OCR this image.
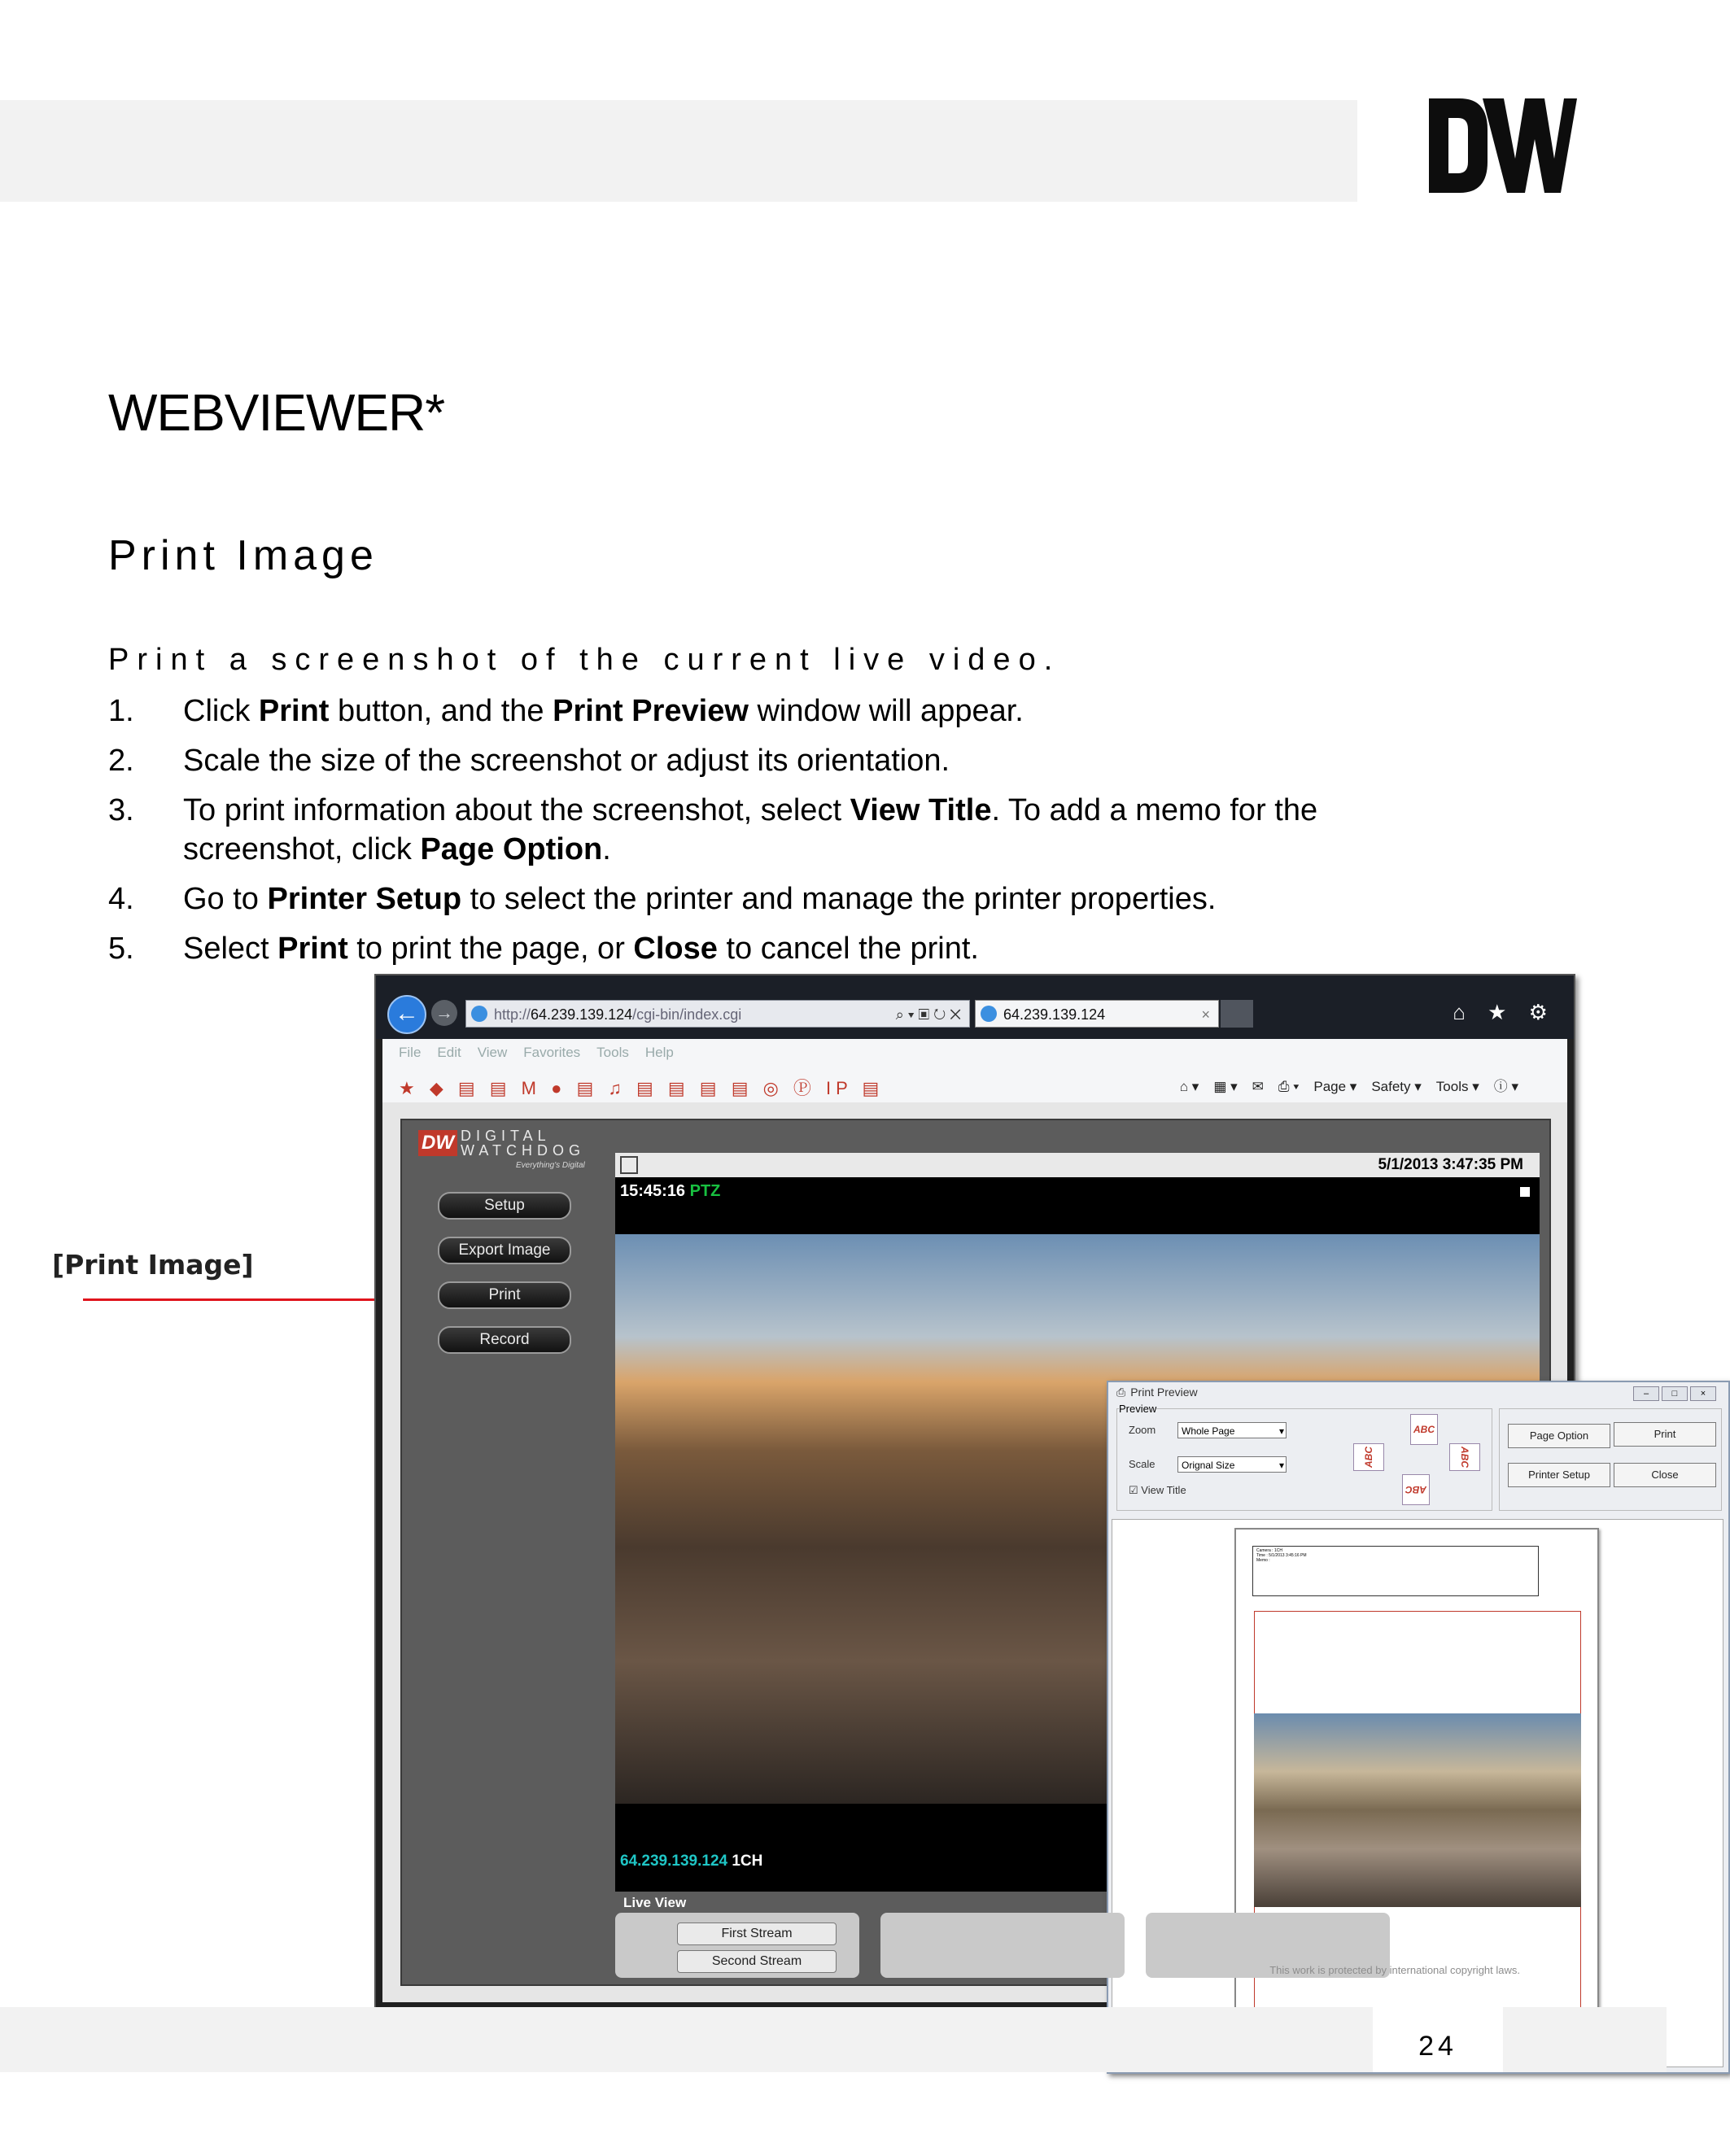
WEBVIEWER*
Print Image
Print a screenshot of the current live video.
1. Click Print button, and the Print Preview window will appear.
2. Scale the size of the screenshot or adjust its orientation.
3. To print information about the screenshot, select View Title. To add a memo for the screenshot, click Page Option.
4. Go to Printer Setup to select the printer and manage the printer properties.
5. Select Print to print the page, or Close to cancel the print.
[Print Image]
← →	http://64.239.139.124/cgi-bin/index.cgi	⌕ ▾ ▣ ↻ ✕	64.239.139.124	×	⌂ ★ ⚙
File Edit View Favorites Tools Help
★ ◆ ▤ ▤ M ● ▤ ♫ ▤ ▤ ▤ ▤ ◎ Ⓟ IP ▤	⌂ ▾ ▦ ▾ ✉ ⎙ ▾ Page ▾ Safety ▾ Tools ▾ ⓘ ▾
DW DIGITAL WATCHDOG
Everything's Digital
Setup
Export Image
Print
Record
5/1/2013 3:47:35 PM
15:45:16 PTZ
64.239.139.124 1CH
⎙ Print Preview	–	□	×
Preview
Zoom	Whole Page ▾
Scale	Orignal Size ▾
☑ View Title
ABC
ABC	ABC
ABC
Page Option	Print
Printer Setup	Close
Camera : 1CH
Time : 5/1/2013 3:45:16 PM
Memo :
Live View
First Stream
Second Stream
This work is protected by international copyright laws.
24
